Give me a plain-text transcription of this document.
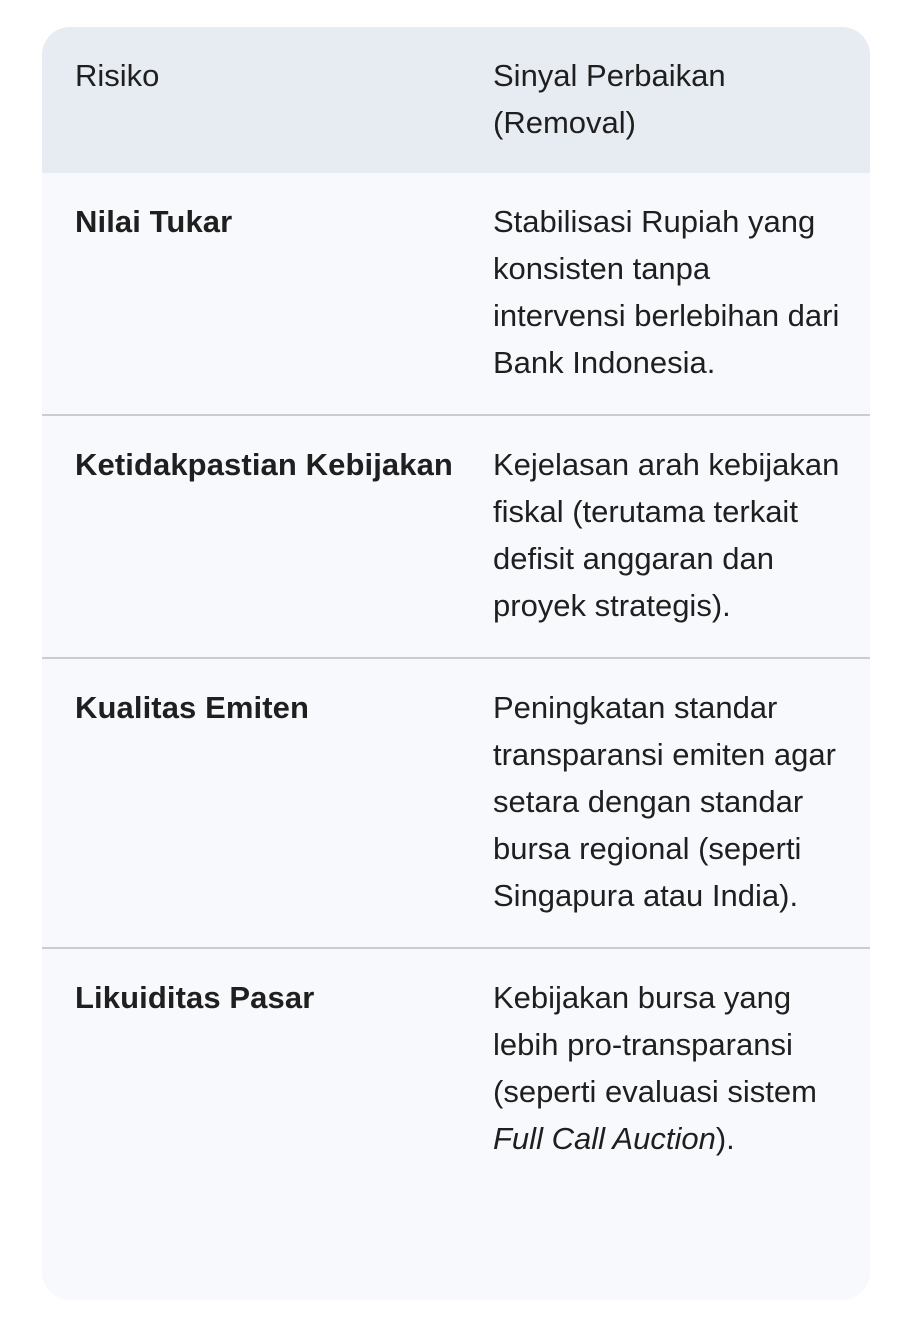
Risiko	Sinyal Perbaikan (Removal)
Nilai Tukar	Stabilisasi Rupiah yang konsisten tanpa intervensi berlebihan dari Bank Indonesia.
Ketidakpastian Kebijakan	Kejelasan arah kebijakan fiskal (terutama terkait defisit anggaran dan proyek strategis).
Kualitas Emiten	Peningkatan standar transparansi emiten agar setara dengan standar bursa regional (seperti Singapura atau India).
Likuiditas Pasar	Kebijakan bursa yang lebih pro-transparansi (seperti evaluasi sistem Full Call Auction).
